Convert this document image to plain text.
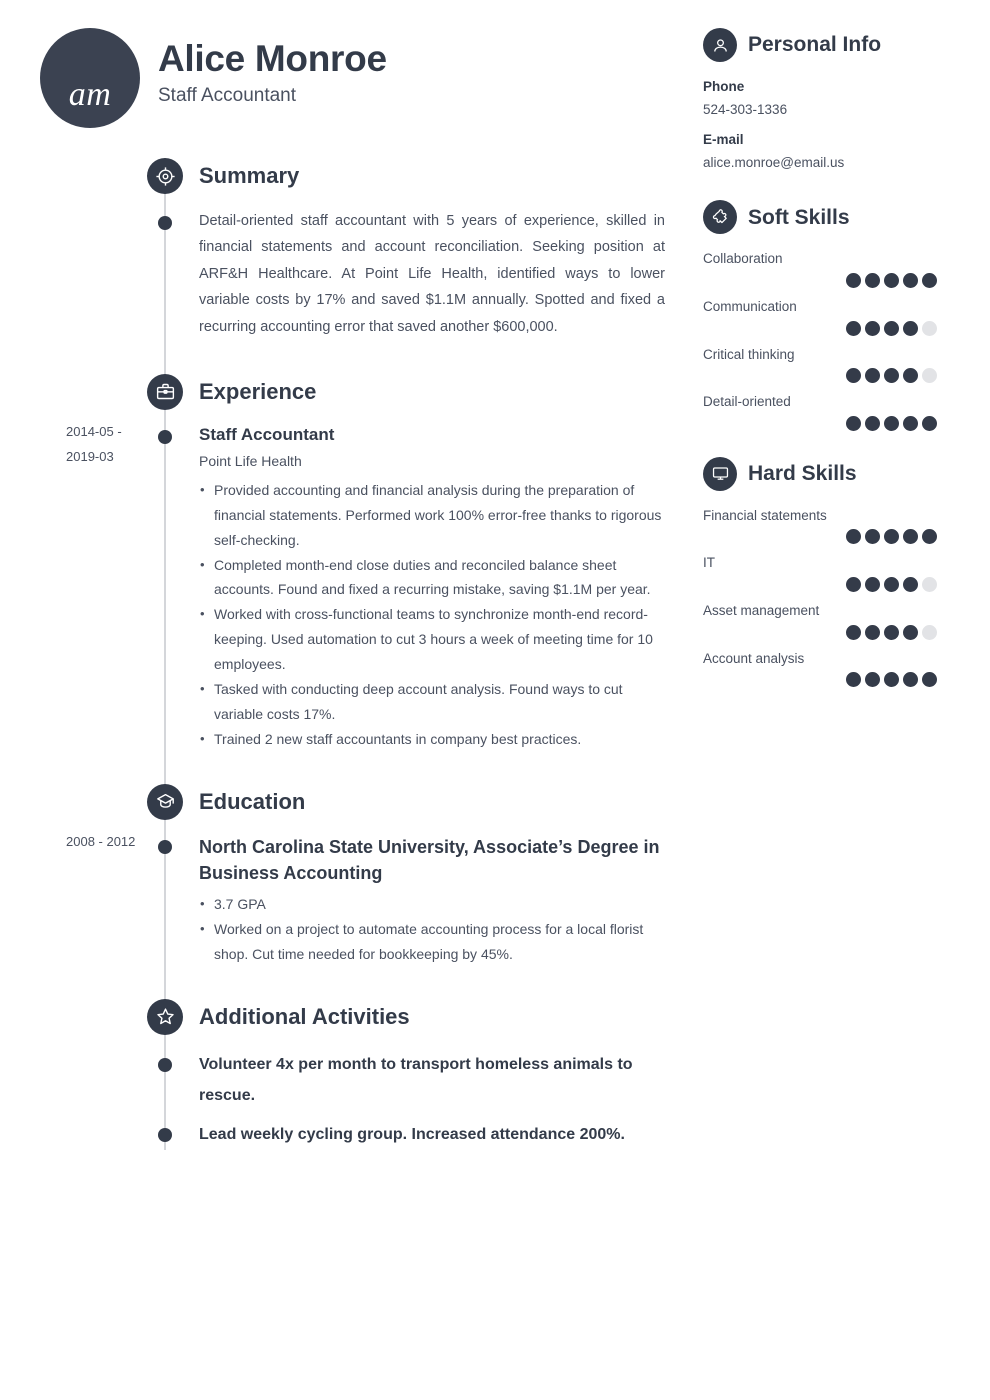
am
Alice Monroe
Staff Accountant
Summary
Detail-oriented staff accountant with 5 years of experience, skilled in financial statements and account reconciliation. Seeking position at ARF&H Healthcare. At Point Life Health, identified ways to lower variable costs by 17% and saved $1.1M annually. Spotted and fixed a recurring accounting error that saved another $600,000.
Experience
2014-05 - 2019-03
Staff Accountant
Point Life Health
• Provided accounting and financial analysis during the preparation of financial statements. Performed work 100% error-free thanks to rigorous self-checking.
• Completed month-end close duties and reconciled balance sheet accounts. Found and fixed a recurring mistake, saving $1.1M per year.
• Worked with cross-functional teams to synchronize month-end record-keeping. Used automation to cut 3 hours a week of meeting time for 10 employees.
• Tasked with conducting deep account analysis. Found ways to cut variable costs 17%.
• Trained 2 new staff accountants in company best practices.
Education
2008 - 2012	North Carolina State University, Associate’s Degree in Business Accounting
• 3.7 GPA
• Worked on a project to automate accounting process for a local florist shop. Cut time needed for bookkeeping by 45%.
Additional Activities
Volunteer 4x per month to transport homeless animals to rescue.
Lead weekly cycling group. Increased attendance 200%.
Personal Info
Phone
524-303-1336
E-mail
alice.monroe@email.us
Soft Skills
Collaboration
Communication
Critical thinking
Detail-oriented
Hard Skills
Financial statements
IT
Asset management
Account analysis
